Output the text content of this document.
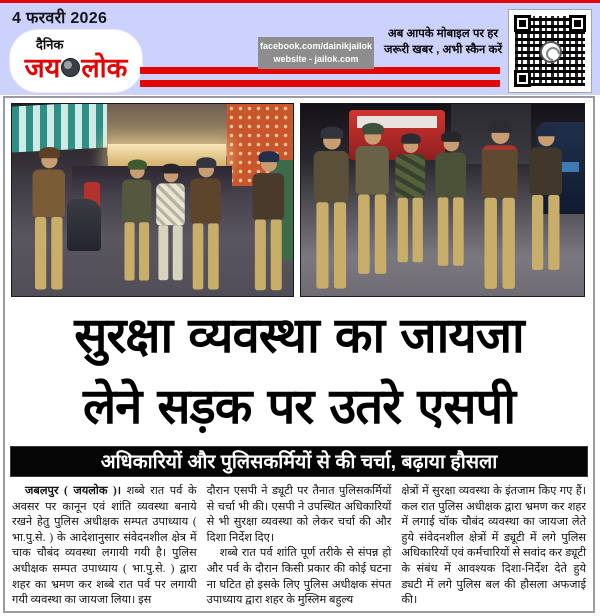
4 फरवरी 2026
दैनिक
जय लोक
facebook.com/dainikjailok
website - jailok.com
अब आपके मोबाइल पर हर
जरूरी खबर , अभी स्कैन करें
सुरक्षा व्यवस्था का जायजा
लेने सड़क पर उतरे एसपी
अधिकारियों और पुलिसकर्मियों से की चर्चा, बढ़ाया हौसला

जबलपुर ( जयलोक )। शब्बे रात पर्व के अवसर पर कानून एवं शांति व्यवस्था बनाये रखने हेतु पुलिस अधीक्षक सम्पत उपाध्याय ( भा.पु.से. ) के आदेशानुसार संवेदनशील क्षेत्र में चाक चौबंद व्यवस्था लगायी गयी है। पुलिस अधीक्षक सम्पत उपाध्याय ( भा.पु.से. ) द्वारा शहर का भ्रमण कर शब्बे रात पर्व पर लगायी गयी व्यवस्था का जायजा लिया। इस

दौरान एसपी ने ड्यूटी पर तैनात पुलिसकर्मियों से चर्चा भी की। एसपी ने उपस्थित अधिकारियों से भी सुरक्षा व्यवस्था को लेकर चर्चा की और दिशा निर्देश दिए।

शब्बे रात पर्व शांति पूर्ण तरीके से संपन्न हो और पर्व के दौरान किसी प्रकार की कोई घटना ना घटित हो इसके लिए पुलिस अधीक्षक संपत उपाध्याय द्वारा शहर के मुस्लिम बहुल्य

क्षेत्रों में सुरक्षा व्यवस्था के इंतजाम किए गए हैं। कल रात पुलिस अधीक्षक द्वारा भ्रमण कर शहर में लगाई चॉक चौबंद व्यवस्था का जायजा लेते हुये संवेदनशील क्षेत्रों में ड्यूटी में लगे पुलिस अधिकारियों एवं कर्मचारियों से सवांद कर ड्यूटी के संबंध में आवश्यक दिशा-निर्देश देते हुये ड्यटी में लगे पुलिस बल की हौसला अफजाई की।
